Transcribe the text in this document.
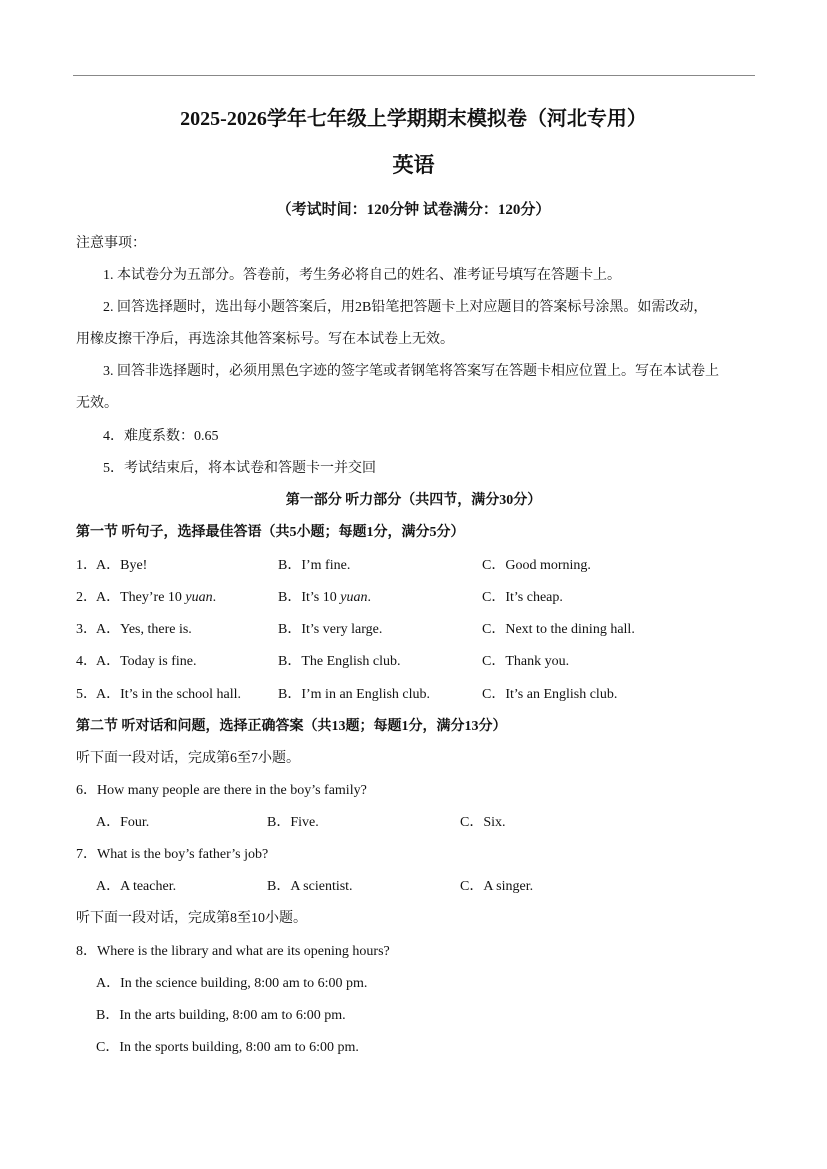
2025-2026学年七年级上学期期末模拟卷（河北专用）
英语
（考试时间：120分钟 试卷满分：120分）
注意事项：
1. 本试卷分为五部分。答卷前，考生务必将自己的姓名、准考证号填写在答题卡上。
2. 回答选择题时，选出每小题答案后，用2B铅笔把答题卡上对应题目的答案标号涂黑。如需改动，
用橡皮擦干净后，再选涂其他答案标号。写在本试卷上无效。
3. 回答非选择题时，必须用黑色字迹的签字笔或者钢笔将答案写在答题卡相应位置上。写在本试卷上
无效。
4．难度系数：0.65
5．考试结束后，将本试卷和答题卡一并交回
第一部分 听力部分（共四节，满分30分）
第一节 听句子，选择最佳答语（共5小题；每题1分，满分5分）
1． A．Bye!	B．I’m fine.	C．Good morning.
2． A．They’re 10 yuan.	B．It’s 10 yuan.	C．It’s cheap.
3． A．Yes, there is.	B．It’s very large.	C．Next to the dining hall.
4． A．Today is fine.	B．The English club.	C．Thank you.
5． A．It’s in the school hall.	B．I’m in an English club.	C．It’s an English club.
第二节 听对话和问题，选择正确答案（共13题；每题1分，满分13分）
听下面一段对话，完成第6至7小题。
6．How many people are there in the boy’s family?
A．Four.	B．Five.	C．Six.
7．What is the boy’s father’s job?
A．A teacher.	B．A scientist.	C．A singer.
听下面一段对话，完成第8至10小题。
8．Where is the library and what are its opening hours?
A．In the science building, 8:00 am to 6:00 pm.
B．In the arts building, 8:00 am to 6:00 pm.
C．In the sports building, 8:00 am to 6:00 pm.
